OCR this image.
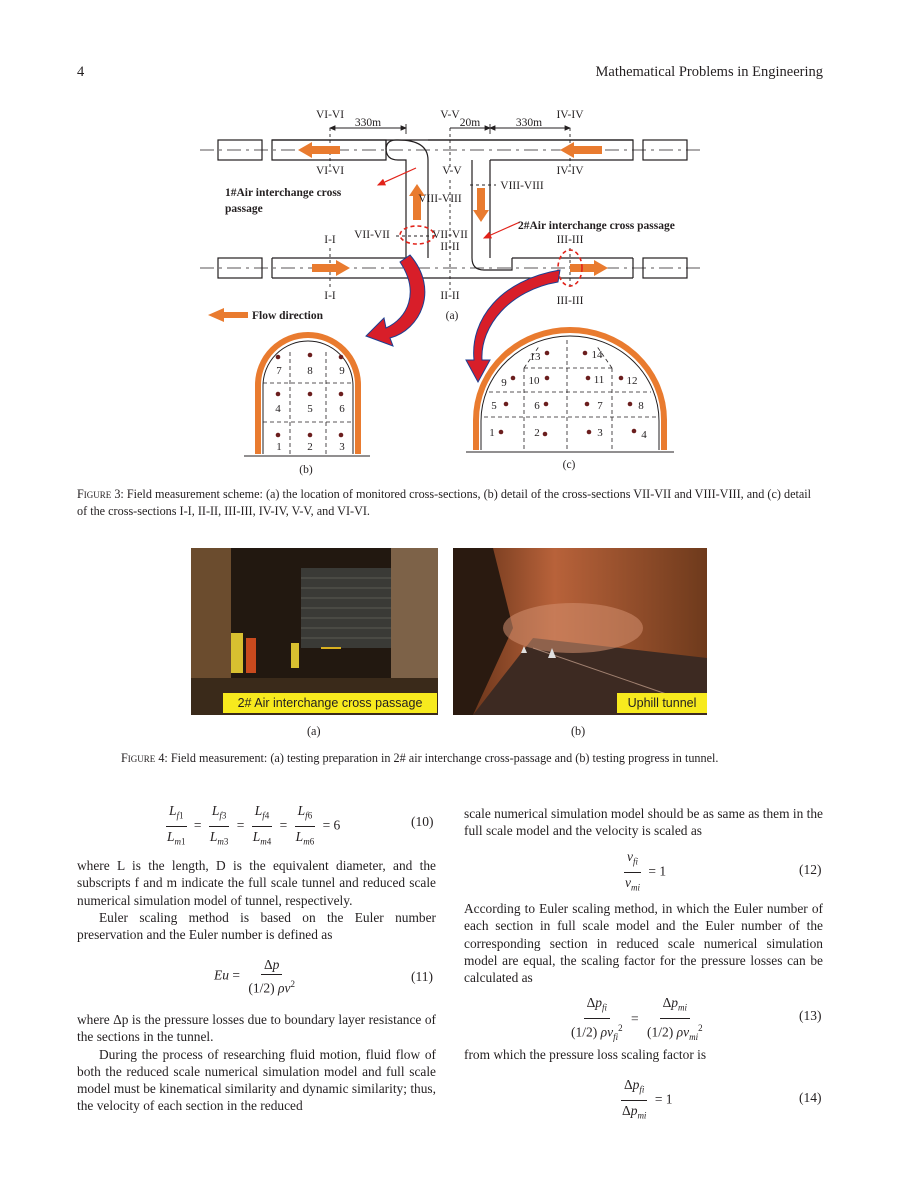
4	Mathematical Problems in Engineering
VI-VI	V-V	IV-IV
VI-VI	V-V	IV-IV
VIII-VIII
VIII-VIII
VII-VII	VII-VII
II-II
I-I	III-III
I-I	II-II	III-III
330m	20m	330m
(a)
(b)	(c)
1#Air interchange cross
passage
2#Air interchange cross passage
Flow direction
1 2 3
4 5 6
7 8 9
1	2	3	4
5	6	7	8
9 10	11 12
13	14
Figure 3: Field measurement scheme: (a) the location of monitored cross-sections, (b) detail of the cross-sections VII-VII and VIII-VIII, and (c) detail of the cross-sections I-I, II-II, III-III, IV-IV, V-V, and VI-VI.
2# Air interchange cross passage	Uphill tunnel
(a)	(b)
Figure 4: Field measurement: (a) testing preparation in 2# air interchange cross-passage and (b) testing progress in tunnel.
$\frac{L_{f1}}{L_{m1}} = \frac{L_{f3}}{L_{m3}} = \frac{L_{f4}}{L_{m4}} = \frac{L_{f6}}{L_{m6}} = 6$	(10)

where L is the length, D is the equivalent diameter, and the subscripts f and m indicate the full scale tunnel and reduced scale numerical simulation model of tunnel, respectively.

Euler scaling method is based on the Euler number preservation and the Euler number is defined as

$Eu = \frac{\Delta p}{(1/2) \rho v^2}$	(11)

where Δp is the pressure losses due to boundary layer resistance of the sections in the tunnel.

During the process of researching fluid motion, fluid flow of both the reduced scale numerical simulation model and full scale model must be kinematical similarity and dynamic similarity; thus, the velocity of each section in the reduced

scale numerical simulation model should be as same as them in the full scale model and the velocity is scaled as
$\frac{v_{fi}}{v_{mi}} = 1$	(12)
According to Euler scaling method, in which the Euler number of each section in full scale model and the Euler number of the corresponding section in reduced scale numerical simulation model are equal, the scaling factor for the pressure losses can be calculated as
$\frac{\Delta p_{fi}}{(1/2) \rho v_{fi}^2} = \frac{\Delta p_{mi}}{(1/2) \rho v_{mi}^2}$	(13)
from which the pressure loss scaling factor is
$\frac{\Delta p_{fi}}{\Delta p_{mi}} = 1$	(14)
